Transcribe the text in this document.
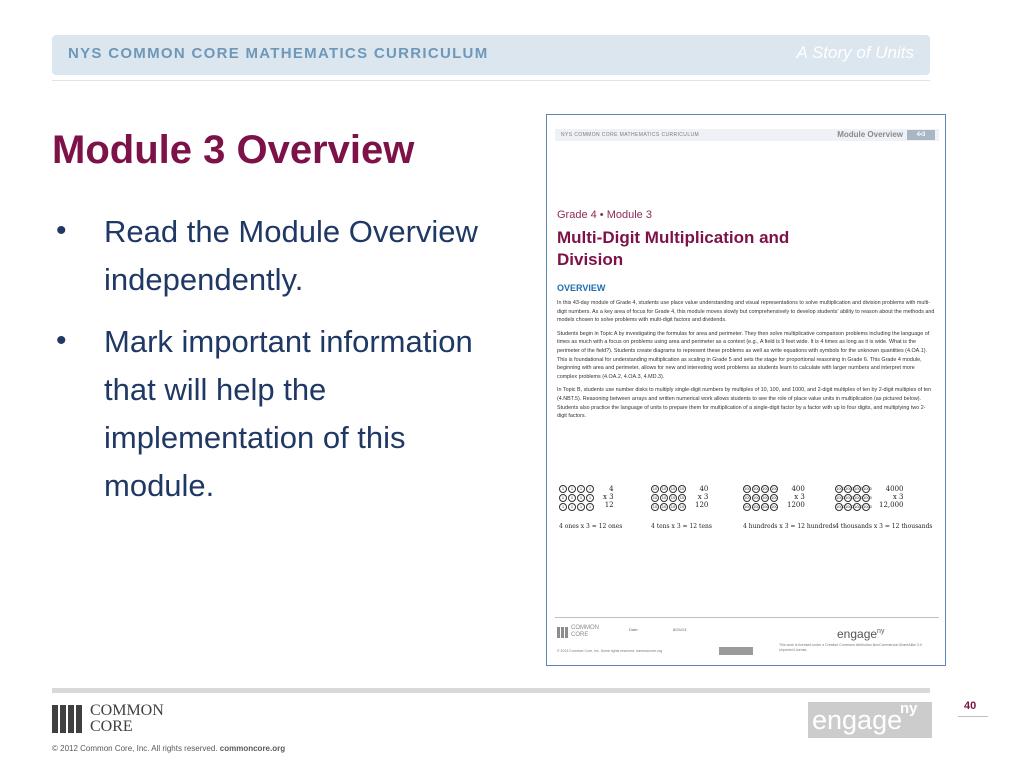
NYS COMMON CORE MATHEMATICS CURRICULUM	A Story of Units
Module 3 Overview
• Read the Module Overview independently.
• Mark important information that will help the implementation of this module.
NYS COMMON CORE MATHEMATICS CURRICULUM	Module Overview	4•3
Grade 4 • Module 3
Multi-Digit Multiplication and Division
OVERVIEW

In this 43-day module of Grade 4, students use place value understanding and visual representations to solve multiplication and division problems with multi-digit numbers. As a key area of focus for Grade 4, this module moves slowly but comprehensively to develop students' ability to reason about the methods and models chosen to solve problems with multi-digit factors and dividends.

Students begin in Topic A by investigating the formulas for area and perimeter. They then solve multiplicative comparison problems including the language of times as much with a focus on problems using area and perimeter as a context (e.g., A field is 9 feet wide. It is 4 times as long as it is wide. What is the perimeter of the field?). Students create diagrams to represent these problems as well as write equations with symbols for the unknown quantities (4.OA.1). This is foundational for understanding multiplication as scaling in Grade 5 and sets the stage for proportional reasoning in Grade 6. This Grade 4 module, beginning with area and perimeter, allows for new and interesting word problems as students learn to calculate with larger numbers and interpret more complex problems (4.OA.2, 4.OA.3, 4.MD.3).

In Topic B, students use number disks to multiply single-digit numbers by multiples of 10, 100, and 1000, and 2-digit multiples of ten by 2-digit multiples of ten (4.NBT.5). Reasoning between arrays and written numerical work allows students to see the role of place value units in multiplication (as pictured below). Students also practice the language of units to prepare them for multiplication of a single-digit factor by a factor with up to four digits, and multiplying two 2-digit factors.

1	1	1	1
1	1	1	1
1	1	1	1
4
x 3
12
4 ones x 3 = 12 ones
10	10	10	10
10	10	10	10
10	10	10	10
40
x 3
120
4 tens x 3 = 12 tens
100 100 100 100
100 100 100 100
100 100 100 100
400
x 3
1200
4 hundreds x 3 = 12 hundreds
1000 1000 1000 1000
1000 1000 1000 1000
1000 1000 1000 1000
4000
x 3
12,000
4 thousands x 3 = 12 thousands
COMMON
CORE
Date:	8/24/13	engage$^{ny}$
© 2013 Common Core, Inc. Some rights reserved. commoncore.org
This work is licensed under a Creative Commons Attribution-NonCommercial-ShareAlike 3.0 Unported License.
COMMON
CORE
© 2012 Common Core, Inc. All rights reserved. commoncore.org
engage
ny	40
